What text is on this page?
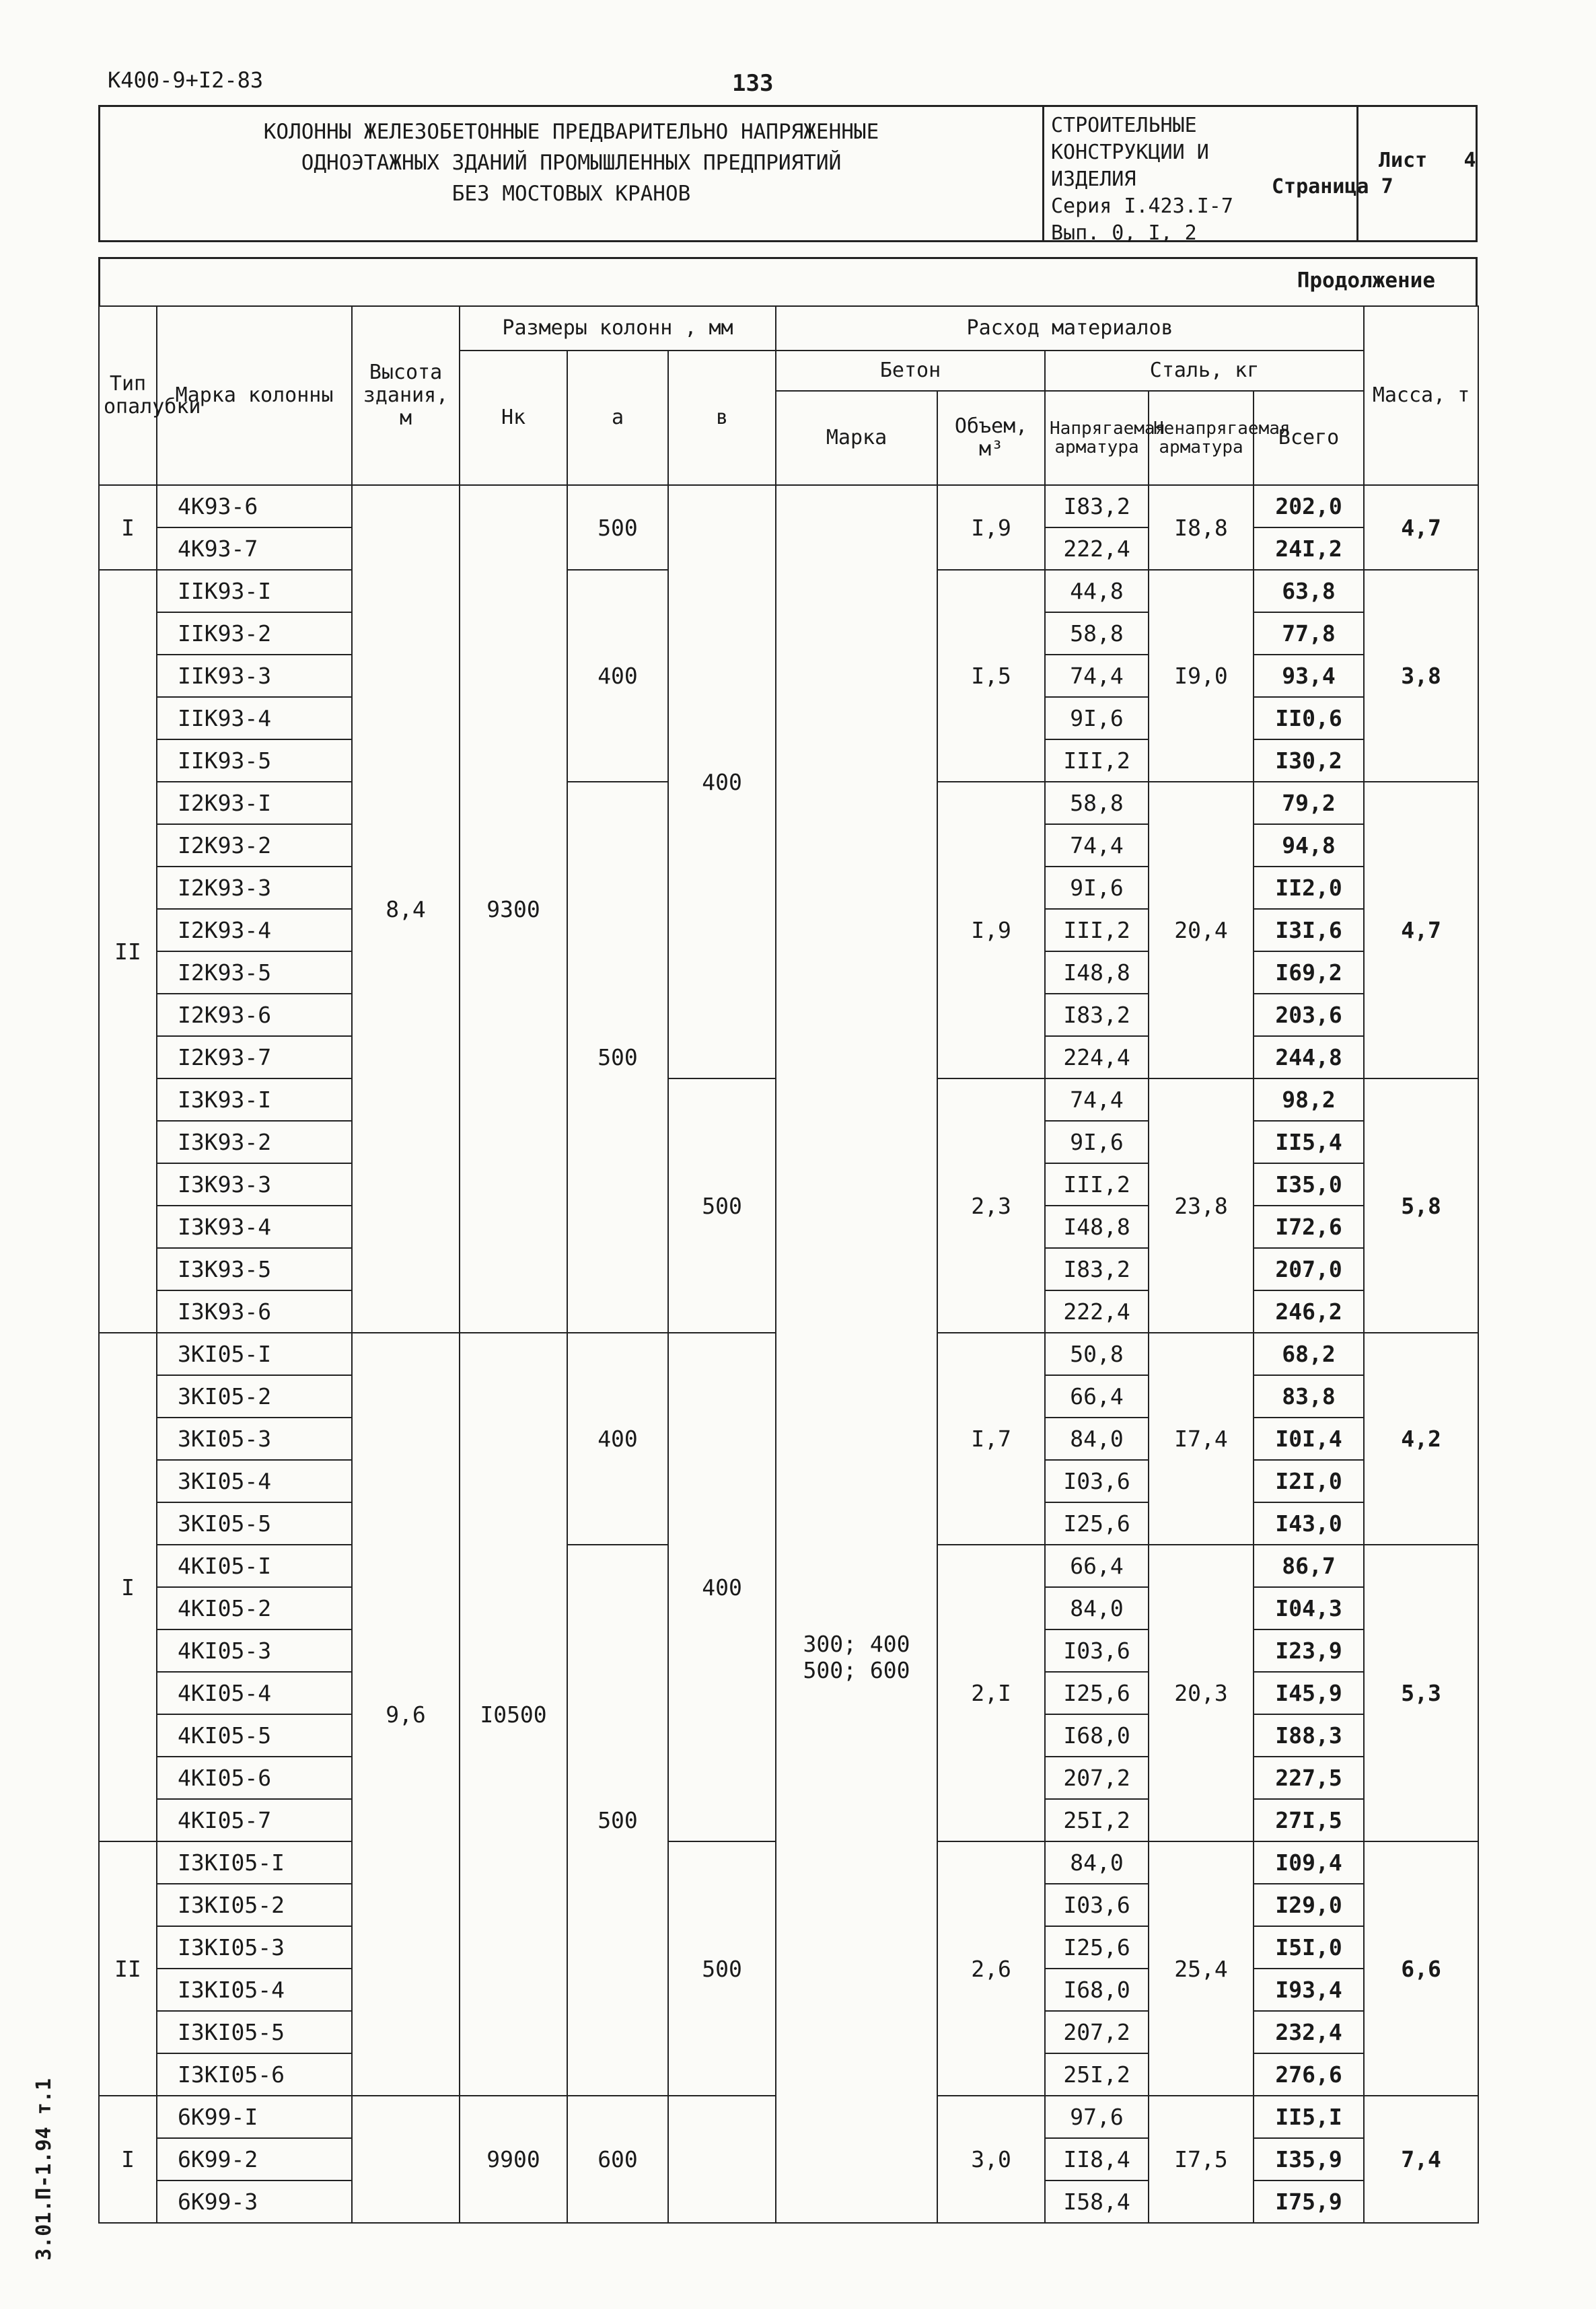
К400-9+I2-83	133
КОЛОННЫ ЖЕЛЕЗОБЕТОННЫЕ ПРЕДВАРИТЕЛЬНО НАПРЯЖЕННЫЕ
ОДНОЭТАЖНЫХ ЗДАНИЙ ПРОМЫШЛЕННЫХ ПРЕДПРИЯТИЙ
БЕЗ МОСТОВЫХ КРАНОВ
СТРОИТЕЛЬНЫЕ
КОНСТРУКЦИИ И
ИЗДЕЛИЯ
Серия I.423.I-7
Вып. 0, I, 2
Лист 4
Страница 7
Продолжение
Тип опалубки	Марка колонны	Высота здания, м	Размеры колонн , мм			Расход материалов					Масса, т
			Нк	а	в	Бетон		Сталь, кг			
						Марка	Объем, м³	Напрягаемая арматура	Ненапрягаемая арматура	Всего	
I	4К93-6	8,4	9300	500	400	300; 400 500; 600	I,9	I83,2	I8,8	202,0	4,7
	4К93-7							222,4		24I,2	
II	IIК93-I			400			I,5	44,8	I9,0	63,8	3,8
	IIК93-2							58,8		77,8	
	IIК93-3							74,4		93,4	
	IIК93-4							9I,6		II0,6	
	IIК93-5							III,2		I30,2	
	I2К93-I			500			I,9	58,8	20,4	79,2	4,7
	I2К93-2							74,4		94,8	
	I2К93-3							9I,6		II2,0	
	I2К93-4							III,2		I3I,6	
	I2К93-5							I48,8		I69,2	
	I2К93-6							I83,2		203,6	
	I2К93-7							224,4		244,8	
	I3К93-I				500		2,3	74,4	23,8	98,2	5,8
	I3К93-2							9I,6		II5,4	
	I3К93-3							III,2		I35,0	
	I3К93-4							I48,8		I72,6	
	I3К93-5							I83,2		207,0	
	I3К93-6							222,4		246,2	
I	3КI05-I	9,6	I0500	400	400		I,7	50,8	I7,4	68,2	4,2
	3КI05-2							66,4		83,8	
	3КI05-3							84,0		I0I,4	
	3КI05-4							I03,6		I2I,0	
	3КI05-5							I25,6		I43,0	
	4КI05-I			500			2,I	66,4	20,3	86,7	5,3
	4КI05-2							84,0		I04,3	
	4КI05-3							I03,6		I23,9	
	4КI05-4							I25,6		I45,9	
	4КI05-5							I68,0		I88,3	
	4КI05-6							207,2		227,5	
	4КI05-7							25I,2		27I,5	
II	I3КI05-I				500		2,6	84,0	25,4	I09,4	6,6
	I3КI05-2							I03,6		I29,0	
	I3КI05-3							I25,6		I5I,0	
	I3КI05-4							I68,0		I93,4	
	I3КI05-5							207,2		232,4	
	I3КI05-6							25I,2		276,6	
I	6К99-I		9900	600			3,0	97,6	I7,5	II5,I	7,4
	6К99-2							II8,4		I35,9	
	6К99-3							I58,4		I75,9	
3.01.П-1.94 т.1
